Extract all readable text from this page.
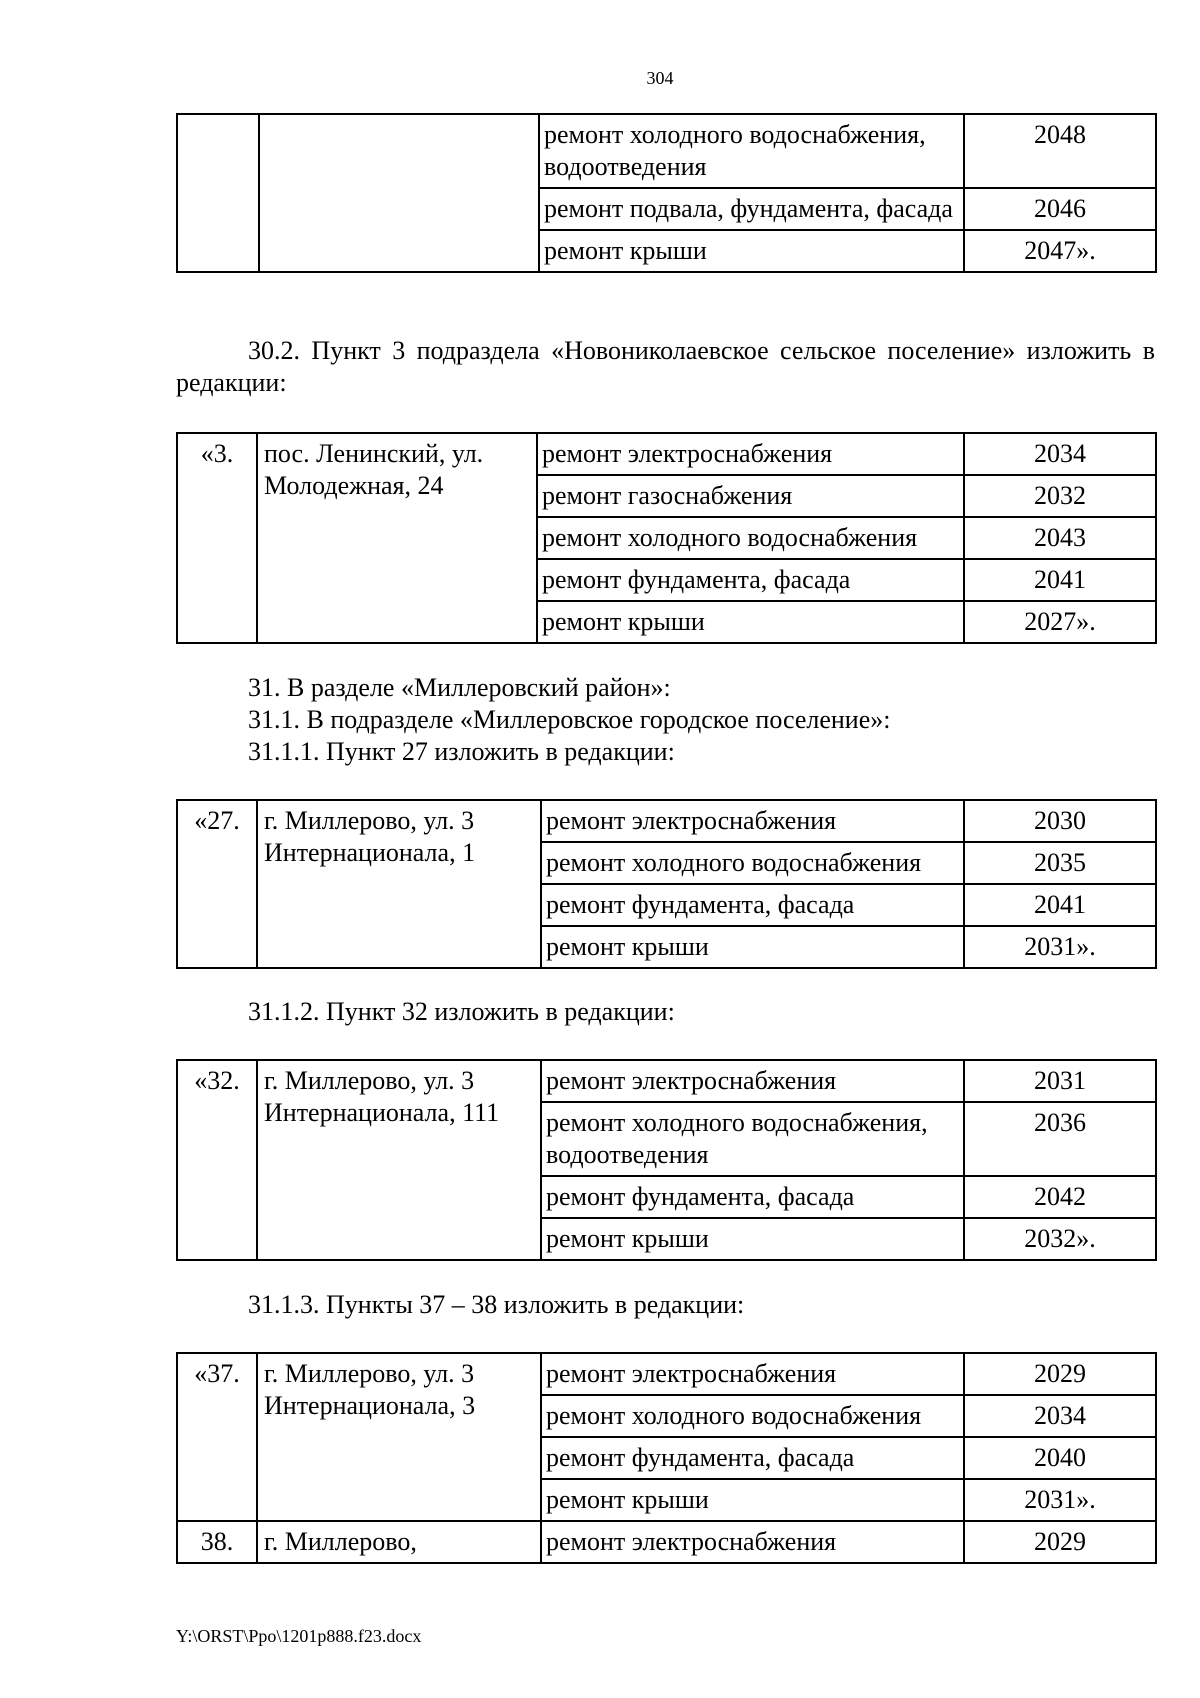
304
		ремонт холодного водоснабжения, водоотведения	2048
		ремонт подвала, фундамента, фасада	2046
		ремонт крыши	2047».

30.2. Пункт 3 подраздела «Новониколаевское сельское поселение» изложить в редакции:

«3.	пос. Ленинский, ул. Молодежная, 24	ремонт электроснабжения	2034
		ремонт газоснабжения	2032
		ремонт холодного водоснабжения	2043
		ремонт фундамента, фасада	2041
		ремонт крыши	2027».

31. В разделе «Миллеровский район»:

31.1. В подразделе «Миллеровское городское поселение»:

31.1.1. Пункт 27 изложить в редакции:

«27.	г. Миллерово, ул. 3 Интернационала, 1	ремонт электроснабжения	2030
		ремонт холодного водоснабжения	2035
		ремонт фундамента, фасада	2041
		ремонт крыши	2031».

31.1.2. Пункт 32 изложить в редакции:

«32.	г. Миллерово, ул. 3 Интернационала, 111	ремонт электроснабжения	2031
		ремонт холодного водоснабжения, водоотведения	2036
		ремонт фундамента, фасада	2042
		ремонт крыши	2032».

31.1.3. Пункты 37 – 38 изложить в редакции:

«37.	г. Миллерово, ул. 3 Интернационала, 3	ремонт электроснабжения	2029
		ремонт холодного водоснабжения	2034
		ремонт фундамента, фасада	2040
		ремонт крыши	2031».
38.	г. Миллерово,	ремонт электроснабжения	2029
Y:\ORST\Ppo\1201p888.f23.docx
